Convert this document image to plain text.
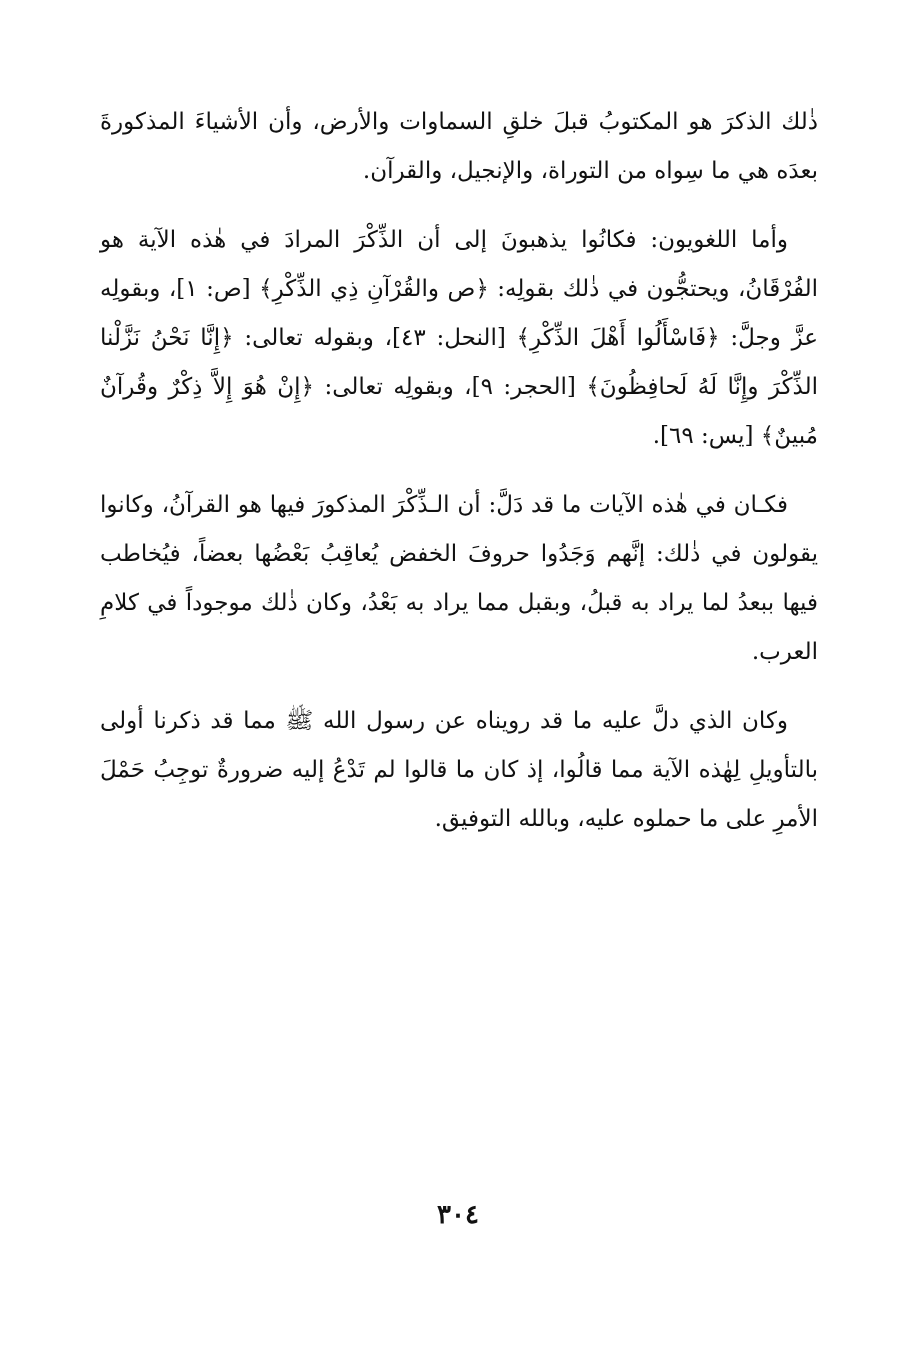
ذٰلك الذكرَ هو المكتوبُ قبلَ خلقِ السماوات والأرض، وأن الأشياءَ المذكورةَ بعدَه هي ما سِواه من التوراة، والإنجيل، والقرآن.

وأما اللغويون: فكانُوا يذهبونَ إلى أن الذِّكْرَ المرادَ في هٰذه الآية هو الفُرْقَانُ، ويحتجُّون في ذٰلك بقولِه: ﴿ص والقُرْآنِ ذِي الذِّكْرِ﴾ [ص: ١]، وبقولِه عزَّ وجلَّ: ﴿فَاسْأَلُوا أَهْلَ الذِّكْرِ﴾ [النحل: ٤٣]، وبقوله تعالى: ﴿إِنَّا نَحْنُ نَزَّلْنا الذِّكْرَ وإِنَّا لَهُ لَحافِظُونَ﴾ [الحجر: ٩]، وبقولِه تعالى: ﴿إِنْ هُوَ إِلاَّ ذِكْرٌ وقُرآنٌ مُبينٌ﴾ [يس: ٦٩].

فكـان في هٰذه الآيات ما قد دَلَّ: أن الـذِّكْرَ المذكورَ فيها هو القرآنُ، وكانوا يقولون في ذٰلك: إنَّهم وَجَدُوا حروفَ الخفض يُعاقِبُ بَعْضُها بعضاً، فيُخاطب فيها ببعدُ لما يراد به قبلُ، وبقبل مما يراد به بَعْدُ، وكان ذٰلك موجوداً في كلامِ العرب.

وكان الذي دلَّ عليه ما قد رويناه عن رسول الله ﷺ مما قد ذكرنا أولى بالتأويلِ لِهٰذه الآية مما قالُوا، إذ كان ما قالوا لم تَدْعُ إليه ضرورةٌ توجِبُ حَمْلَ الأمرِ على ما حملوه عليه، وبالله التوفيق.

٣٠٤
